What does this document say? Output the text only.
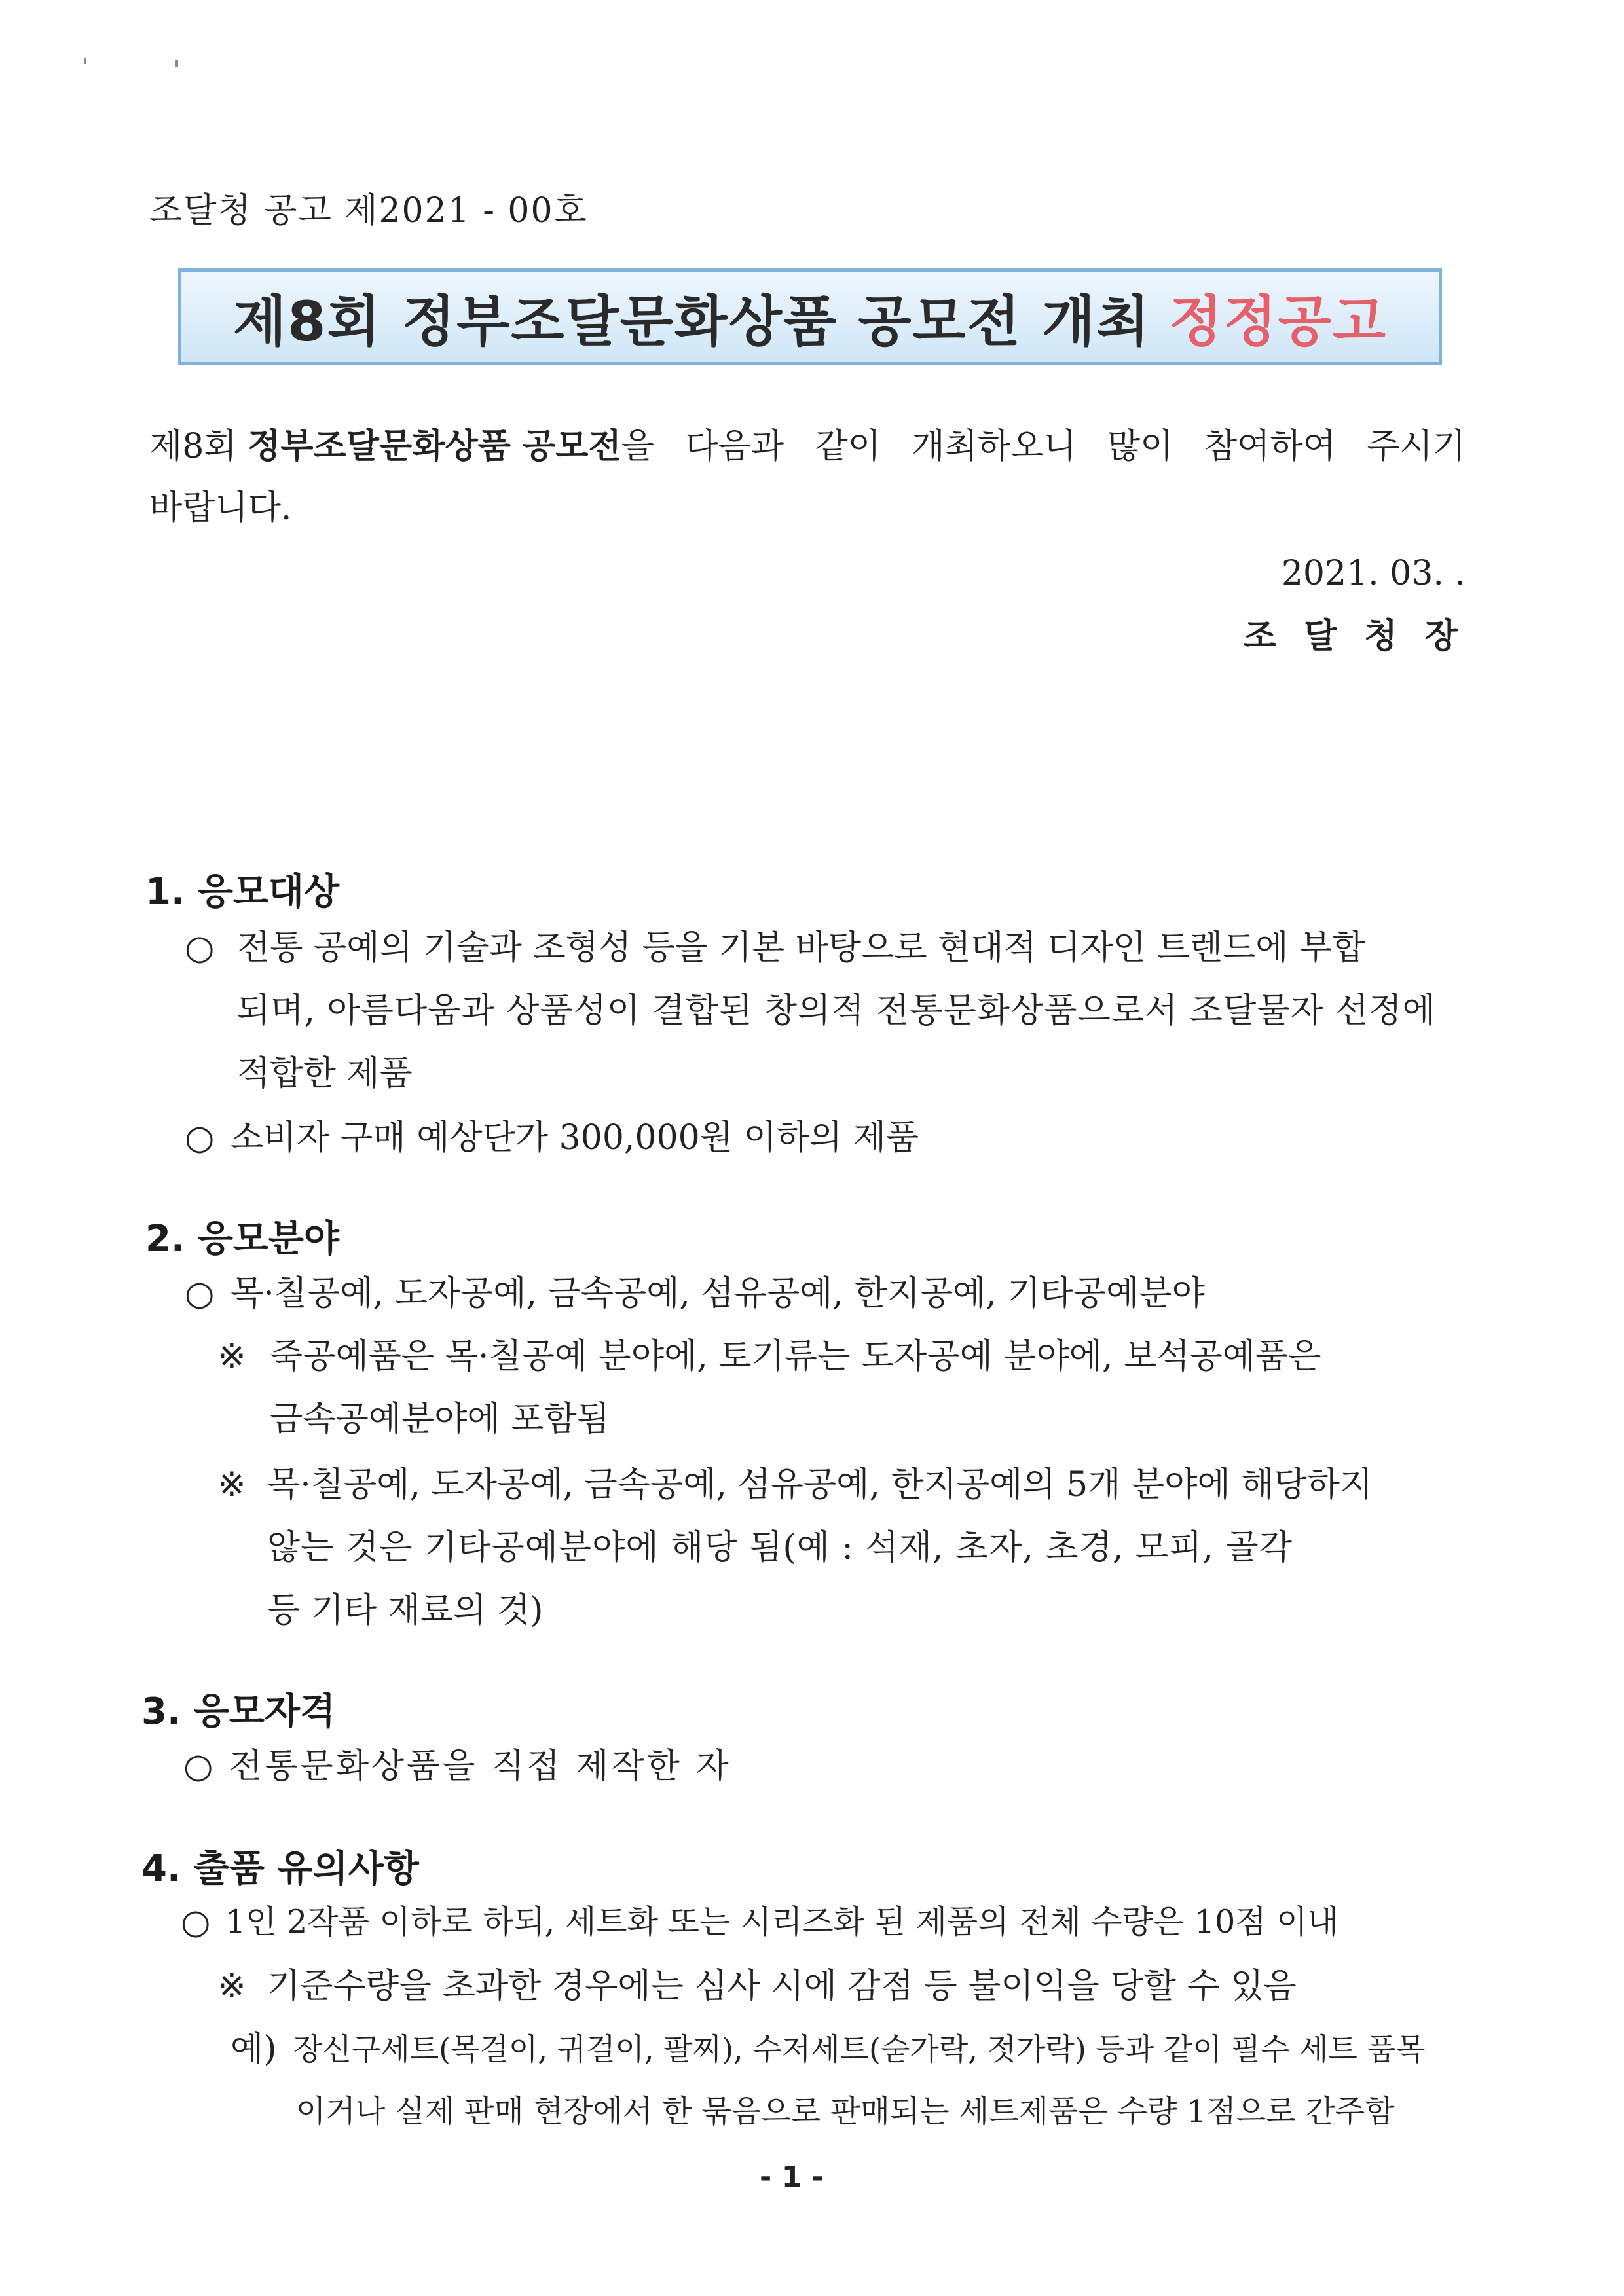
조달청 공고 제2021 - 00호
제8회 정부조달문화상품 공모전 개최 정정공고
제8회 정부조달문화상품 공모전을 다음과 같이 개최하오니 많이 참여하여 주시기
바랍니다.
2021. 03. .
조 달 청 장
1. 응모대상
○ 전통 공예의 기술과 조형성 등을 기본 바탕으로 현대적 디자인 트렌드에 부합
되며, 아름다움과 상품성이 결합된 창의적 전통문화상품으로서 조달물자 선정에
적합한 제품
○ 소비자 구매 예상단가 300,000원 이하의 제품
2. 응모분야
○ 목·칠공예, 도자공예, 금속공예, 섬유공예, 한지공예, 기타공예분야
※ 죽공예품은 목·칠공예 분야에, 토기류는 도자공예 분야에, 보석공예품은
금속공예분야에 포함됨
※ 목·칠공예, 도자공예, 금속공예, 섬유공예, 한지공예의 5개 분야에 해당하지
않는 것은 기타공예분야에 해당 됨(예 : 석재, 초자, 초경, 모피, 골각
등 기타 재료의 것)
3. 응모자격
○ 전통문화상품을 직접 제작한 자
4. 출품 유의사항
○ 1인 2작품 이하로 하되, 세트화 또는 시리즈화 된 제품의 전체 수량은 10점 이내
※ 기준수량을 초과한 경우에는 심사 시에 감점 등 불이익을 당할 수 있음
예) 장신구세트(목걸이, 귀걸이, 팔찌), 수저세트(숟가락, 젓가락) 등과 같이 필수 세트 품목
이거나 실제 판매 현장에서 한 묶음으로 판매되는 세트제품은 수량 1점으로 간주함
- 1 -
